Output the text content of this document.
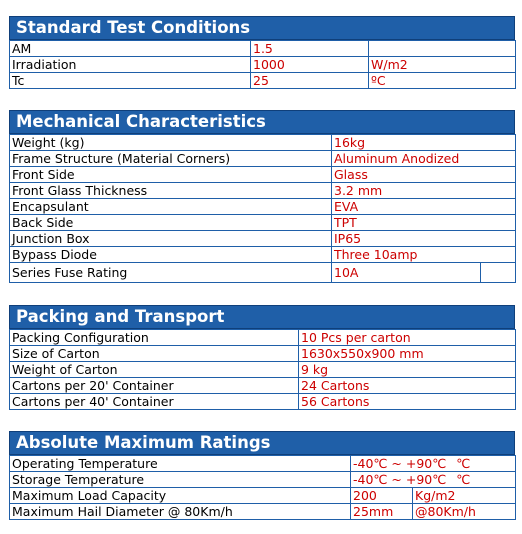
Standard Test Conditions
AM	1.5	
Irradiation	1000	W/m2
Tc	25	ºC
Mechanical Characteristics
Weight (kg)	16kg	
Frame Structure (Material Corners)	Aluminum Anodized	
Front Side	Glass	
Front Glass Thickness	3.2 mm	
Encapsulant	EVA	
Back Side	TPT	
Junction Box	IP65	
Bypass Diode	Three 10amp	
Series Fuse Rating	10A	
Packing and Transport
Packing Configuration	10 Pcs per carton
Size of Carton	1630x550x900 mm
Weight of Carton	9 kg
Cartons per 20' Container	24 Cartons
Cartons per 40' Container	56 Cartons
Absolute Maximum Ratings
Operating Temperature	-40℃ ~ +90℃ ℃	
Storage Temperature	-40℃ ~ +90℃ ℃	
Maximum Load Capacity	200	Kg/m2
Maximum Hail Diameter @ 80Km/h	25mm	@80Km/h
